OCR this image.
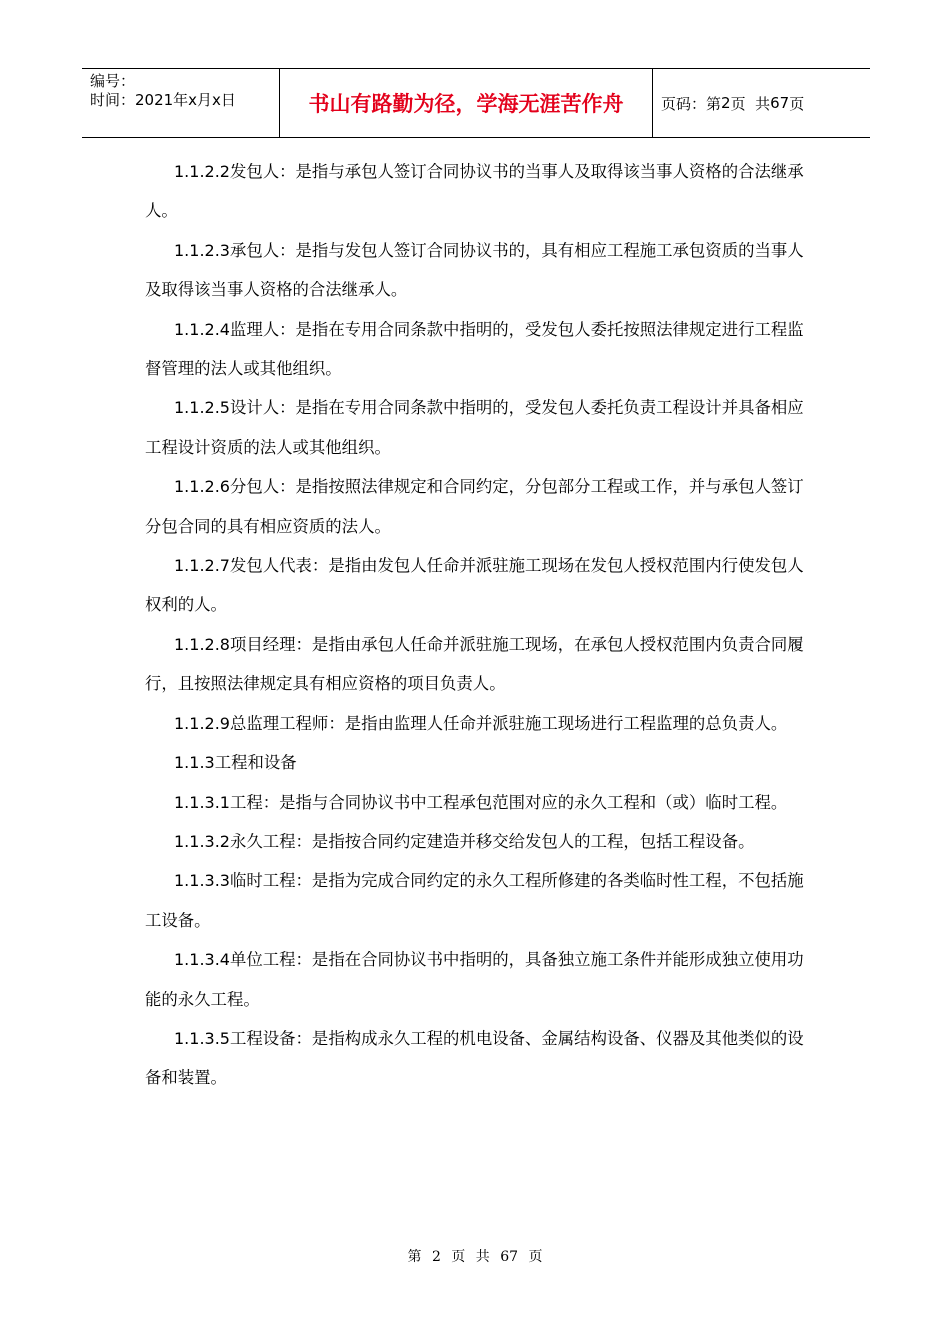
编号：
时间：2021年x月x日	书山有路勤为径，学海无涯苦作舟	页码：第 2 页  共 67 页

1.1.2.2发包人：是指与承包人签订合同协议书的当事人及取得该当事人资格的合法继承人。

1.1.2.3承包人：是指与发包人签订合同协议书的，具有相应工程施工承包资质的当事人及取得该当事人资格的合法继承人。

1.1.2.4监理人：是指在专用合同条款中指明的，受发包人委托按照法律规定进行工程监督管理的法人或其他组织。

1.1.2.5设计人：是指在专用合同条款中指明的，受发包人委托负责工程设计并具备相应工程设计资质的法人或其他组织。

1.1.2.6分包人：是指按照法律规定和合同约定，分包部分工程或工作，并与承包人签订分包合同的具有相应资质的法人。

1.1.2.7发包人代表：是指由发包人任命并派驻施工现场在发包人授权范围内行使发包人权利的人。

1.1.2.8项目经理：是指由承包人任命并派驻施工现场，在承包人授权范围内负责合同履行，且按照法律规定具有相应资格的项目负责人。

1.1.2.9总监理工程师：是指由监理人任命并派驻施工现场进行工程监理的总负责人。

1.1.3工程和设备

1.1.3.1工程：是指与合同协议书中工程承包范围对应的永久工程和（或）临时工程。

1.1.3.2永久工程：是指按合同约定建造并移交给发包人的工程，包括工程设备。

1.1.3.3临时工程：是指为完成合同约定的永久工程所修建的各类临时性工程，不包括施工设备。

1.1.3.4单位工程：是指在合同协议书中指明的，具备独立施工条件并能形成独立使用功能的永久工程。

1.1.3.5工程设备：是指构成永久工程的机电设备、金属结构设备、仪器及其他类似的设备和装置。

第 2 页 共 67 页
